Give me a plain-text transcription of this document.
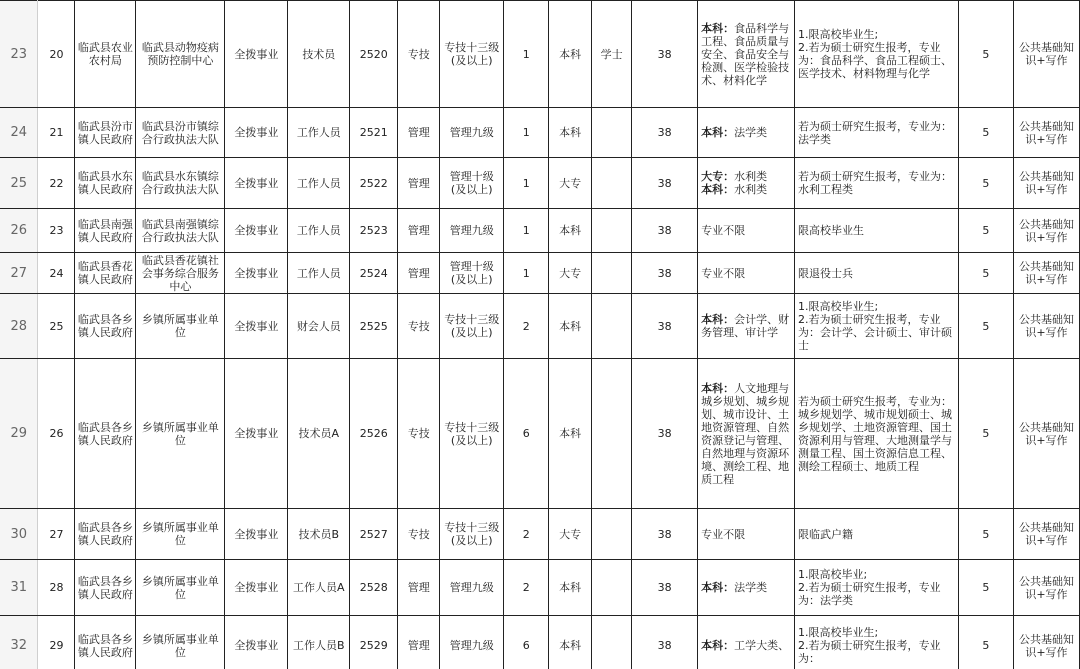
23	20	临武县农业农村局	临武县动物疫病预防控制中心	全拨事业	技术员	2520	专技	专技十三级(及以上)	1	本科	学士	38	本科：食品科学与工程、食品质量与安全、食品安全与检测、医学检验技术、材料化学	1.限高校毕业生;
2.若为硕士研究生报考，专业为：食品科学、食品工程硕士、医学技术、材料物理与化学	5	公共基础知识+写作
24	21	临武县汾市镇人民政府	临武县汾市镇综合行政执法大队	全拨事业	工作人员	2521	管理	管理九级	1	本科		38	本科：法学类	若为硕士研究生报考，专业为：法学类	5	公共基础知识+写作
25	22	临武县水东镇人民政府	临武县水东镇综合行政执法大队	全拨事业	工作人员	2522	管理	管理十级(及以上)	1	大专		38	大专：水利类
本科：水利类	若为硕士研究生报考，专业为：水利工程类	5	公共基础知识+写作
26	23	临武县南强镇人民政府	临武县南强镇综合行政执法大队	全拨事业	工作人员	2523	管理	管理九级	1	本科		38	专业不限	限高校毕业生	5	公共基础知识+写作
27	24	临武县香花镇人民政府	临武县香花镇社会事务综合服务中心	全拨事业	工作人员	2524	管理	管理十级(及以上)	1	大专		38	专业不限	限退役士兵	5	公共基础知识+写作
28	25	临武县各乡镇人民政府	乡镇所属事业单位	全拨事业	财会人员	2525	专技	专技十三级(及以上)	2	本科		38	本科：会计学、财务管理、审计学	1.限高校毕业生;
2.若为硕士研究生报考，专业为：会计学、会计硕士、审计硕士	5	公共基础知识+写作
29	26	临武县各乡镇人民政府	乡镇所属事业单位	全拨事业	技术员A	2526	专技	专技十三级(及以上)	6	本科		38	本科：人文地理与城乡规划、城乡规划、城市设计、土地资源管理、自然资源登记与管理、自然地理与资源环境、测绘工程、地质工程	若为硕士研究生报考，专业为：城乡规划学、城市规划硕士、城乡规划学、土地资源管理、国土资源利用与管理、大地测量学与测量工程、国土资源信息工程、测绘工程硕士、地质工程	5	公共基础知识+写作
30	27	临武县各乡镇人民政府	乡镇所属事业单位	全拨事业	技术员B	2527	专技	专技十三级(及以上)	2	大专		38	专业不限	限临武户籍	5	公共基础知识+写作
31	28	临武县各乡镇人民政府	乡镇所属事业单位	全拨事业	工作人员A	2528	管理	管理九级	2	本科		38	本科：法学类	1.限高校毕业;
2.若为硕士研究生报考，专业为：法学类	5	公共基础知识+写作
32	29	临武县各乡镇人民政府	乡镇所属事业单位	全拨事业	工作人员B	2529	管理	管理九级	6	本科		38	本科：工学大类、	1.限高校毕业生;
2.若为硕士研究生报考，专业为：	5	公共基础知识+写作
